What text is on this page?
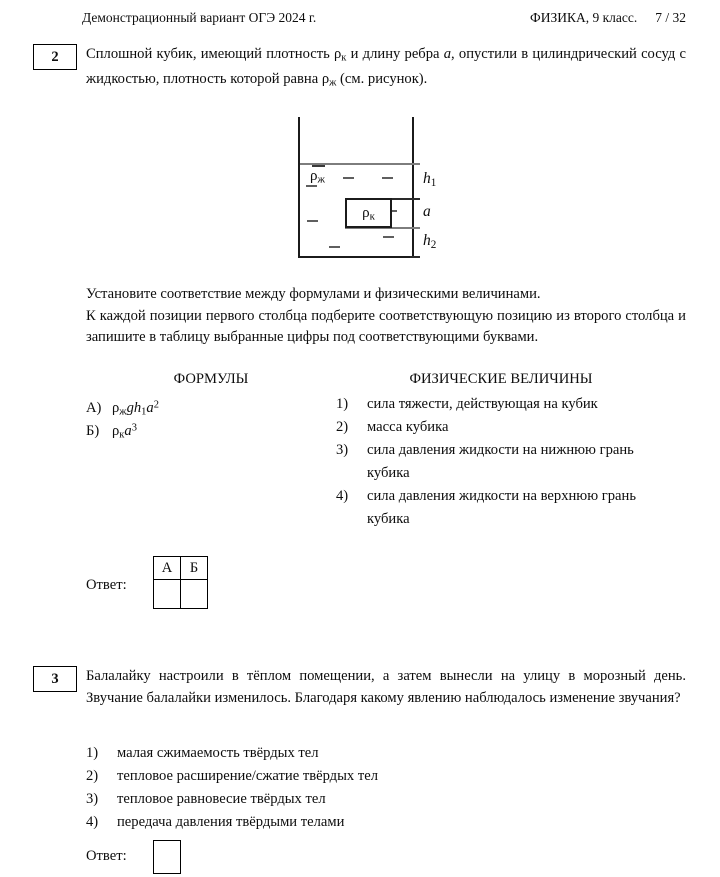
Демонстрационный вариант ОГЭ 2024 г.	ФИЗИКА, 9 класс. 7 / 32
2	Сплошной кубик, имеющий плотность $\rho_к$ и длину ребра a, опустили в цилиндрический сосуд с жидкостью, плотность которой равна $\rho_ж$ (см. рисунок).

$\rho_ж$
$\rho_к$
$h_1$
a
$h_2$

Установите соответствие между формулами и физическими величинами.

К каждой позиции первого столбца подберите соответствующую позицию из второго столбца и запишите в таблицу выбранные цифры под соответствующими буквами.

ФОРМУЛЫ	ФИЗИЧЕСКИЕ ВЕЛИЧИНЫ
А) $\rho_жgh_1a^2$
Б) $\rho_кa^3$
1)	сила тяжести, действующая на кубик
2)	масса кубика
3)	сила давления жидкости на нижнюю грань кубика
4)	сила давления жидкости на верхнюю грань кубика
Ответ:
А	Б

3	Балалайку настроили в тёплом помещении, а затем вынесли на улицу в морозный день. Звучание балалайки изменилось. Благодаря какому явлению наблюдалось изменение звучания?

1)	малая сжимаемость твёрдых тел
2)	тепловое расширение/сжатие твёрдых тел
3)	тепловое равновесие твёрдых тел
4)	передача давления твёрдыми телами
Ответ:
